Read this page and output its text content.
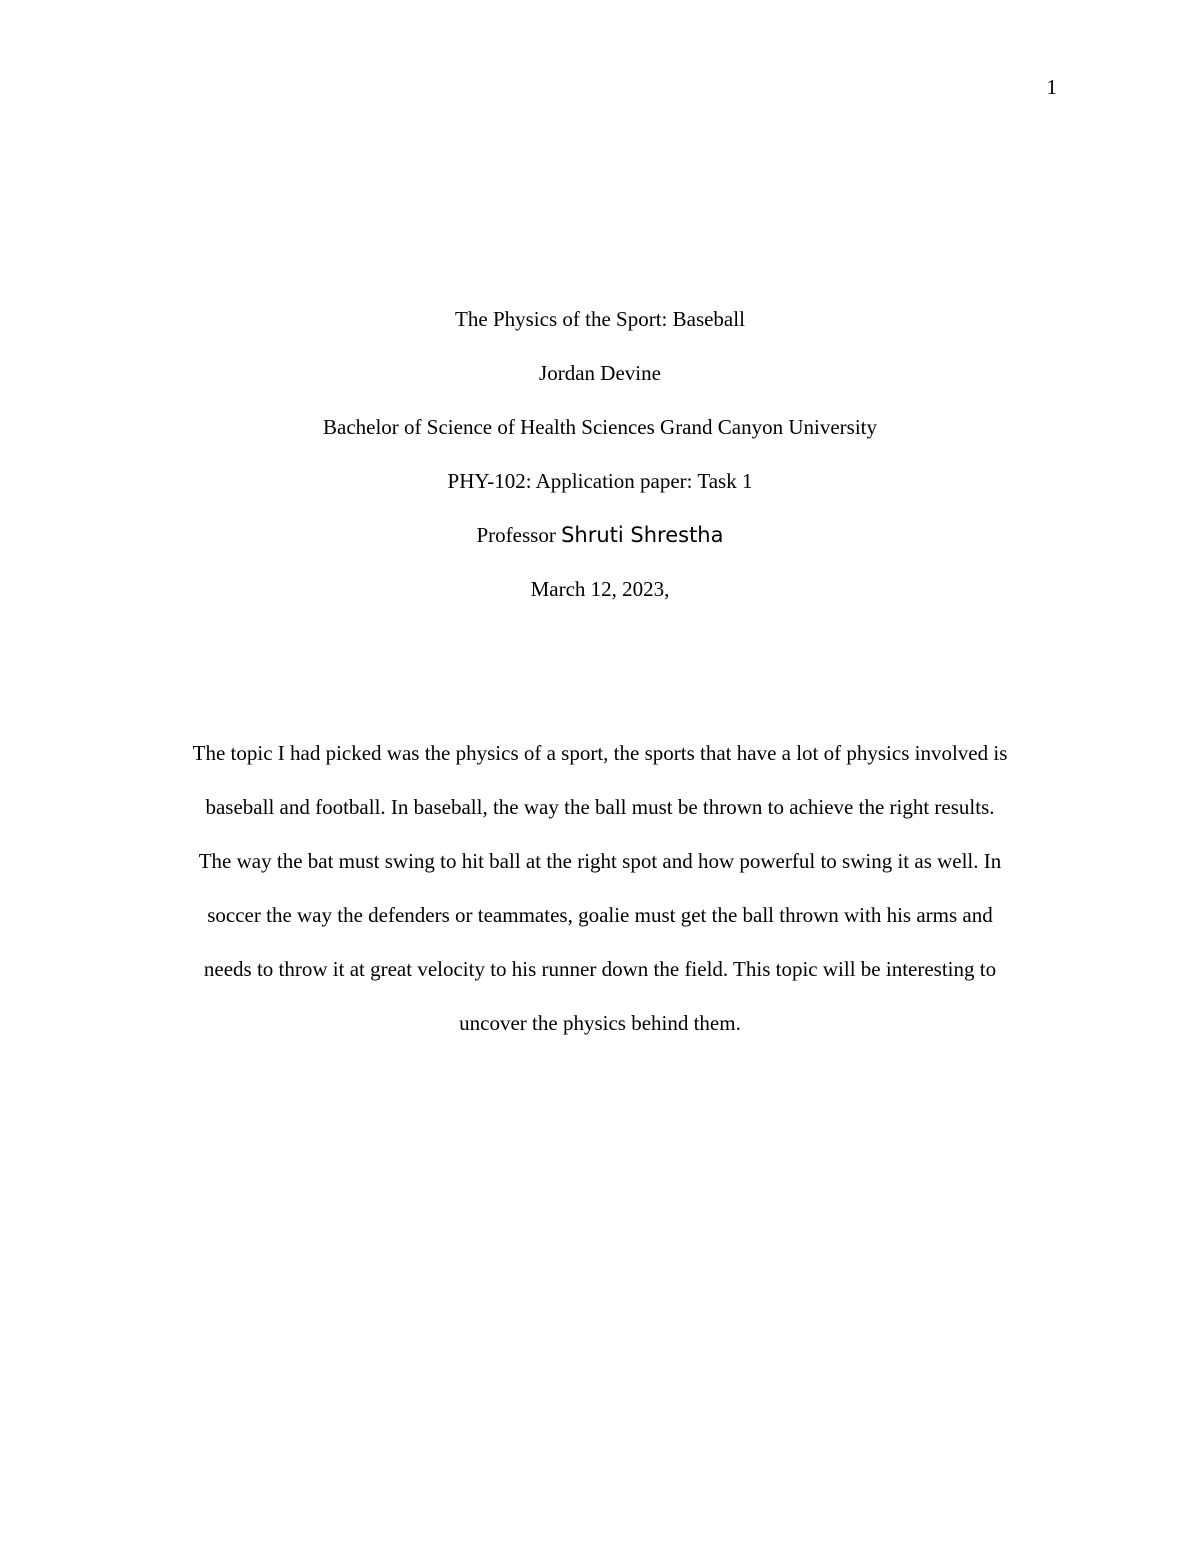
1
The Physics of the Sport: Baseball
Jordan Devine
Bachelor of Science of Health Sciences Grand Canyon University
PHY-102: Application paper: Task 1
Professor Shruti Shrestha
March 12, 2023,
The topic I had picked was the physics of a sport, the sports that have a lot of physics involved is
baseball and football. In baseball, the way the ball must be thrown to achieve the right results.
The way the bat must swing to hit ball at the right spot and how powerful to swing it as well. In
soccer the way the defenders or teammates, goalie must get the ball thrown with his arms and
needs to throw it at great velocity to his runner down the field. This topic will be interesting to
uncover the physics behind them.
